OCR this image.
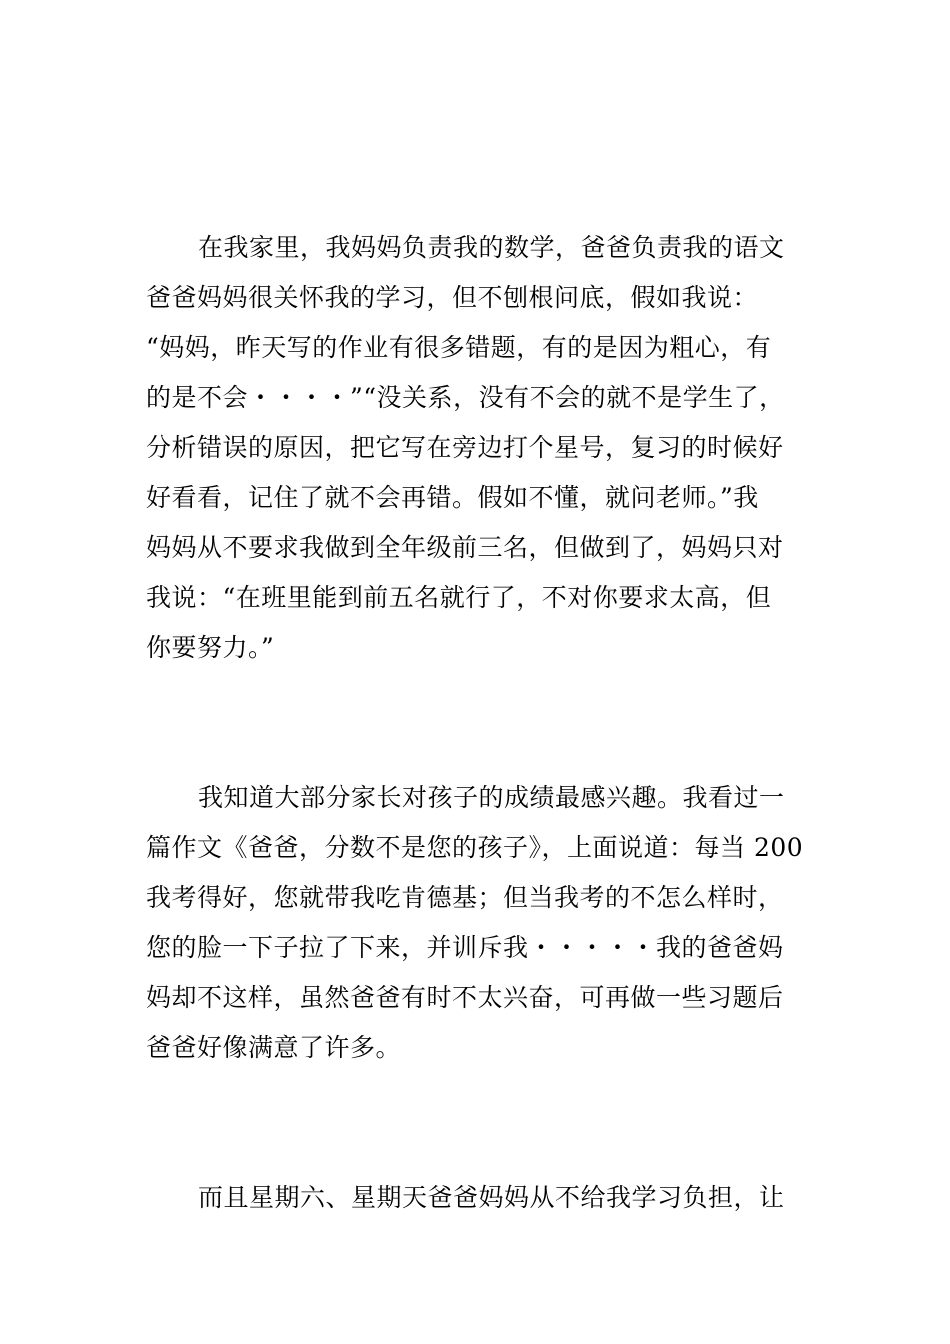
在我家里，我妈妈负责我的数学，爸爸负责我的语文
爸爸妈妈很关怀我的学习，但不刨根问底，假如我说：
“妈妈，昨天写的作业有很多错题，有的是因为粗心，有
的是不会・・・・”“没关系，没有不会的就不是学生了，
分析错误的原因，把它写在旁边打个星号，复习的时候好
好看看，记住了就不会再错。假如不懂，就问老师。”我
妈妈从不要求我做到全年级前三名，但做到了，妈妈只对
我说：“在班里能到前五名就行了，不对你要求太高，但
你要努力。”
我知道大部分家长对孩子的成绩最感兴趣。我看过一
篇作文《爸爸，分数不是您的孩子》，上面说道：每当 200
我考得好，您就带我吃肯德基；但当我考的不怎么样时，
您的脸一下子拉了下来，并训斥我・・・・・我的爸爸妈
妈却不这样，虽然爸爸有时不太兴奋，可再做一些习题后
爸爸好像满意了许多。
而且星期六、星期天爸爸妈妈从不给我学习负担，让
